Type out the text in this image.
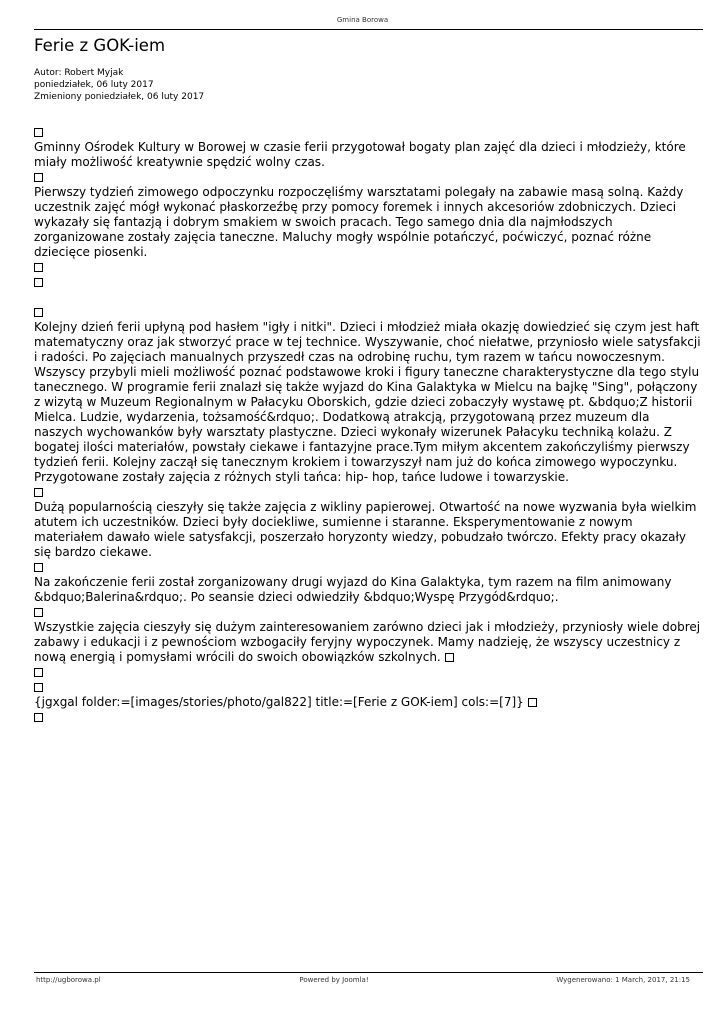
Gmina Borowa
Ferie z GOK-iem
Autor: Robert Myjak
poniedziałek, 06 luty 2017
Zmieniony poniedziałek, 06 luty 2017

Gminny Ośrodek Kultury w Borowej w czasie ferii przygotował bogaty plan zajęć dla dzieci i młodzieży, które miały możliwość kreatywnie spędzić wolny czas.

Pierwszy tydzień zimowego odpoczynku rozpoczęliśmy warsztatami polegały na zabawie masą solną. Każdy uczestnik zajęć mógł wykonać płaskorzeźbę przy pomocy foremek i innych akcesoriów zdobniczych. Dzieci wykazały się fantazją i dobrym smakiem w swoich pracach. Tego samego dnia dla najmłodszych zorganizowane zostały zajęcia taneczne. Maluchy mogły wspólnie potańczyć, poćwiczyć, poznać różne dziecięce piosenki.

Kolejny dzień ferii upłyną pod hasłem "igły i nitki". Dzieci i młodzież miała okazję dowiedzieć się czym jest haft matematyczny oraz jak stworzyć prace w tej technice. Wyszywanie, choć niełatwe, przyniosło wiele satysfakcji i radości. Po zajęciach manualnych przyszedł czas na odrobinę ruchu, tym razem w tańcu nowoczesnym. Wszyscy przybyli mieli możliwość poznać podstawowe kroki i figury taneczne charakterystyczne dla tego stylu tanecznego. W programie ferii znalazł się także wyjazd do Kina Galaktyka w Mielcu na bajkę "Sing", połączony z wizytą w Muzeum Regionalnym w Pałacyku Oborskich, gdzie dzieci zobaczyły wystawę pt. &bdquo;Z historii Mielca. Ludzie, wydarzenia, tożsamość&rdquo;. Dodatkową atrakcją, przygotowaną przez muzeum dla naszych wychowanków były warsztaty plastyczne. Dzieci wykonały wizerunek Pałacyku techniką kolażu. Z bogatej ilości materiałów, powstały ciekawe i fantazyjne prace.Tym miłym akcentem zakończyliśmy pierwszy tydzień ferii. Kolejny zaczął się tanecznym krokiem i towarzyszył nam już do końca zimowego wypoczynku. Przygotowane zostały zajęcia z różnych styli tańca: hip- hop, tańce ludowe i towarzyskie.

Dużą popularnością cieszyły się także zajęcia z wikliny papierowej. Otwartość na nowe wyzwania była wielkim atutem ich uczestników. Dzieci były dociekliwe, sumienne i staranne. Eksperymentowanie z nowym materiałem dawało wiele satysfakcji, poszerzało horyzonty wiedzy, pobudzało twórczo. Efekty pracy okazały się bardzo ciekawe.

Na zakończenie ferii został zorganizowany drugi wyjazd do Kina Galaktyka, tym razem na film animowany &bdquo;Balerina&rdquo;. Po seansie dzieci odwiedziły &bdquo;Wyspę Przygód&rdquo;.

Wszystkie zajęcia cieszyły się dużym zainteresowaniem zarówno dzieci jak i młodzieży, przyniosły wiele dobrej zabawy i edukacji i z pewnościom wzbogaciły feryjny wypoczynek. Mamy nadzieję, że wszyscy uczestnicy z nową energią i pomysłami wrócili do swoich obowiązków szkolnych.

{jgxgal folder:=[images/stories/photo/gal822] title:=[Ferie z GOK-iem] cols:=[7]}

http://ugborowa.pl	Powered by Joomla!	Wygenerowano: 1 March, 2017, 21:15
